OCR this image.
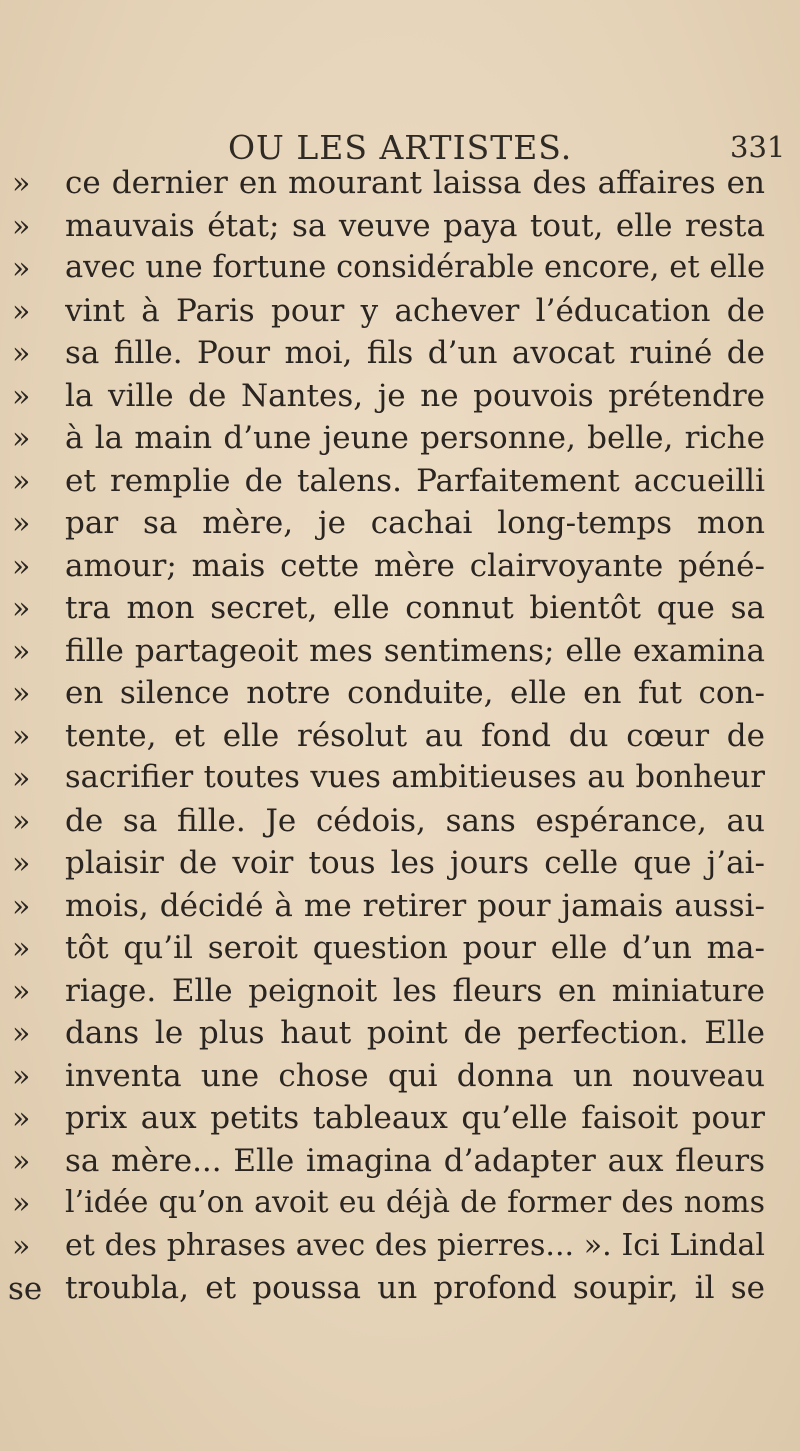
OU LES ARTISTES.	331
»	ce dernier en mourant laissa des affaires en
»	mauvais état; sa veuve paya tout, elle resta
»	avec une fortune considérable encore, et elle
»	vint à Paris pour y achever l’éducation de
»	sa fille. Pour moi, fils d’un avocat ruiné de
»	la ville de Nantes, je ne pouvois prétendre
»	à la main d’une jeune personne, belle, riche
»	et remplie de talens. Parfaitement accueilli
»	par sa mère, je cachai long-temps mon
»	amour; mais cette mère clairvoyante péné-
»	tra mon secret, elle connut bientôt que sa
»	fille partageoit mes sentimens; elle examina
»	en silence notre conduite, elle en fut con-
»	tente, et elle résolut au fond du cœur de
»	sacrifier toutes vues ambitieuses au bonheur
»	de sa fille. Je cédois, sans espérance, au
»	plaisir de voir tous les jours celle que j’ai-
»	mois, décidé à me retirer pour jamais aussi-
»	tôt qu’il seroit question pour elle d’un ma-
»	riage. Elle peignoit les fleurs en miniature
»	dans le plus haut point de perfection. Elle
»	inventa une chose qui donna un nouveau
»	prix aux petits tableaux qu’elle faisoit pour
»	sa mère... Elle imagina d’adapter aux fleurs
»	l’idée qu’on avoit eu déjà de former des noms
»	et des phrases avec des pierres... ». Ici Lindal
se troubla, et poussa un profond soupir, il se
